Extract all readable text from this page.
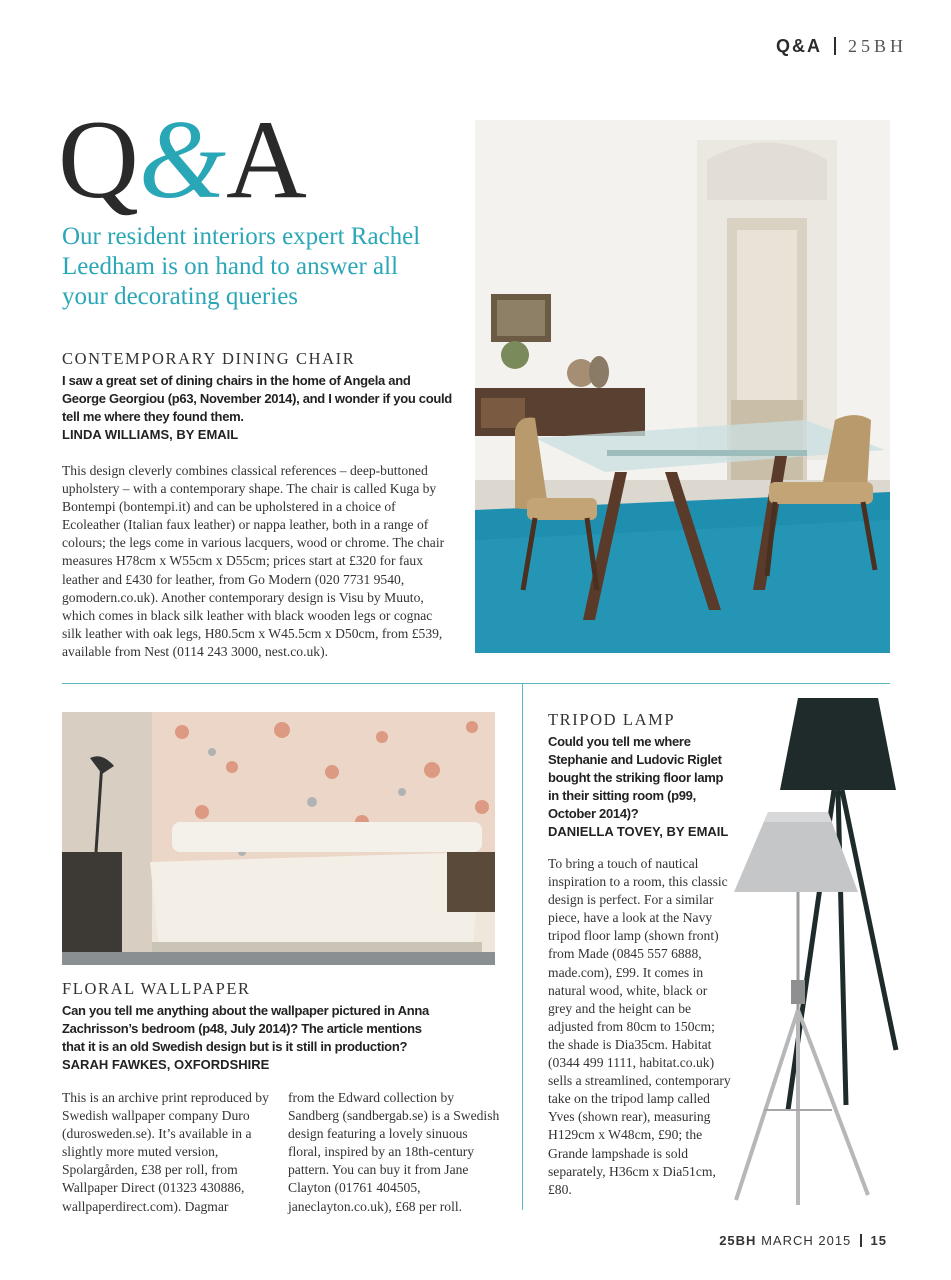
Q&A 25BH
Q&A
Our resident interiors expert Rachel Leedham is on hand to answer all your decorating queries
CONTEMPORARY DINING CHAIR
I saw a great set of dining chairs in the home of Angela and George Georgiou (p63, November 2014), and I wonder if you could tell me where they found them.
LINDA WILLIAMS, BY EMAIL
This design cleverly combines classical references – deep-buttoned upholstery – with a contemporary shape. The chair is called Kuga by Bontempi (bontempi.it) and can be upholstered in a choice of Ecoleather (Italian faux leather) or nappa leather, both in a range of colours; the legs come in various lacquers, wood or chrome. The chair measures H78cm x W55cm x D55cm; prices start at £320 for faux leather and £430 for leather, from Go Modern (020 7731 9540, gomodern.co.uk). Another contemporary design is Visu by Muuto, which comes in black silk leather with black wooden legs or cognac silk leather with oak legs, H80.5cm x W45.5cm x D50cm, from £539, available from Nest (0114 243 3000, nest.co.uk).
FLORAL WALLPAPER
Can you tell me anything about the wallpaper pictured in Anna Zachrisson’s bedroom (p48, July 2014)? The article mentions that it is an old Swedish design but is it still in production?
SARAH FAWKES, OXFORDSHIRE
This is an archive print reproduced by Swedish wallpaper company Duro (durosweden.se). It’s available in a slightly more muted version, Spolargården, £38 per roll, from Wallpaper Direct (01323 430886, wallpaperdirect.com). Dagmar
from the Edward collection by Sandberg (sandbergab.se) is a Swedish design featuring a lovely sinuous floral, inspired by an 18th-century pattern. You can buy it from Jane Clayton (01761 404505, janeclayton.co.uk), £68 per roll.
TRIPOD LAMP
Could you tell me where Stephanie and Ludovic Riglet bought the striking floor lamp in their sitting room (p99, October 2014)?
DANIELLA TOVEY, BY EMAIL
To bring a touch of nautical inspiration to a room, this classic design is perfect. For a similar piece, have a look at the Navy tripod floor lamp (shown front) from Made (0845 557 6888, made.com), £99. It comes in natural wood, white, black or grey and the height can be adjusted from 80cm to 150cm; the shade is Dia35cm. Habitat (0344 499 1111, habitat.co.uk) sells a streamlined, contemporary take on the tripod lamp called Yves (shown rear), measuring H129cm x W48cm, £90; the Grande lampshade is sold separately, H36cm x Dia51cm, £80.
25BH MARCH 2015 15
